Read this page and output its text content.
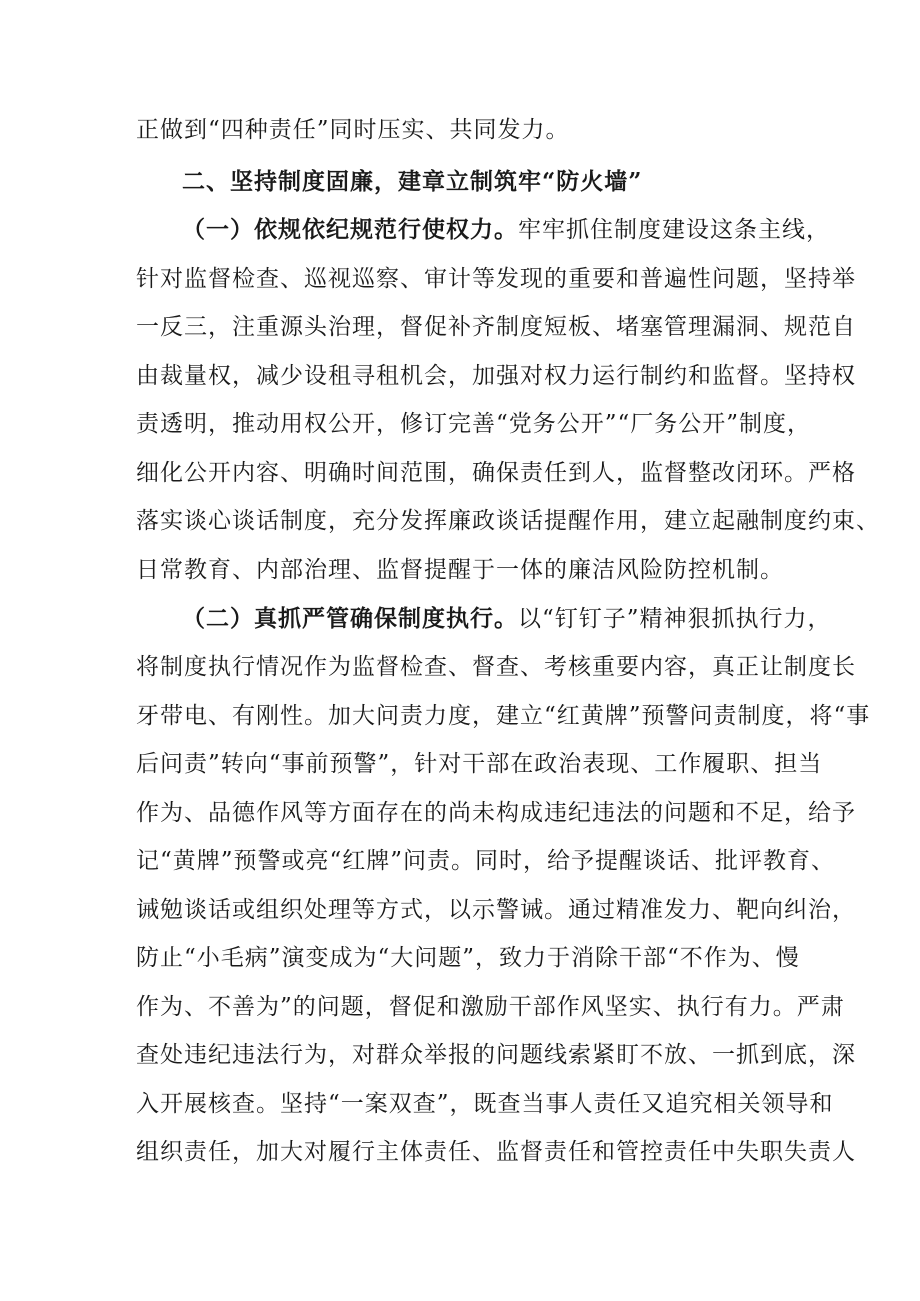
正做到“四种责任”同时压实、共同发力。
二、坚持制度固廉，建章立制筑牢“防火墙”
（一）依规依纪规范行使权力。牢牢抓住制度建设这条主线，
针对监督检查、巡视巡察、审计等发现的重要和普遍性问题，坚持举
一反三，注重源头治理，督促补齐制度短板、堵塞管理漏洞、规范自
由裁量权，减少设租寻租机会，加强对权力运行制约和监督。坚持权
责透明，推动用权公开，修订完善“党务公开”“厂务公开”制度，
细化公开内容、明确时间范围，确保责任到人，监督整改闭环。严格
落实谈心谈话制度，充分发挥廉政谈话提醒作用，建立起融制度约束、
日常教育、内部治理、监督提醒于一体的廉洁风险防控机制。
（二）真抓严管确保制度执行。以“钉钉子”精神狠抓执行力，
将制度执行情况作为监督检查、督查、考核重要内容，真正让制度长
牙带电、有刚性。加大问责力度，建立“红黄牌”预警问责制度，将“事
后问责”转向“事前预警”，针对干部在政治表现、工作履职、担当
作为、品德作风等方面存在的尚未构成违纪违法的问题和不足，给予
记“黄牌”预警或亮“红牌”问责。同时，给予提醒谈话、批评教育、
诫勉谈话或组织处理等方式，以示警诫。通过精准发力、靶向纠治，
防止“小毛病”演变成为“大问题”，致力于消除干部“不作为、慢
作为、不善为”的问题，督促和激励干部作风坚实、执行有力。严肃
查处违纪违法行为，对群众举报的问题线索紧盯不放、一抓到底，深
入开展核查。坚持“一案双查”，既查当事人责任又追究相关领导和
组织责任，加大对履行主体责任、监督责任和管控责任中失职失责人
